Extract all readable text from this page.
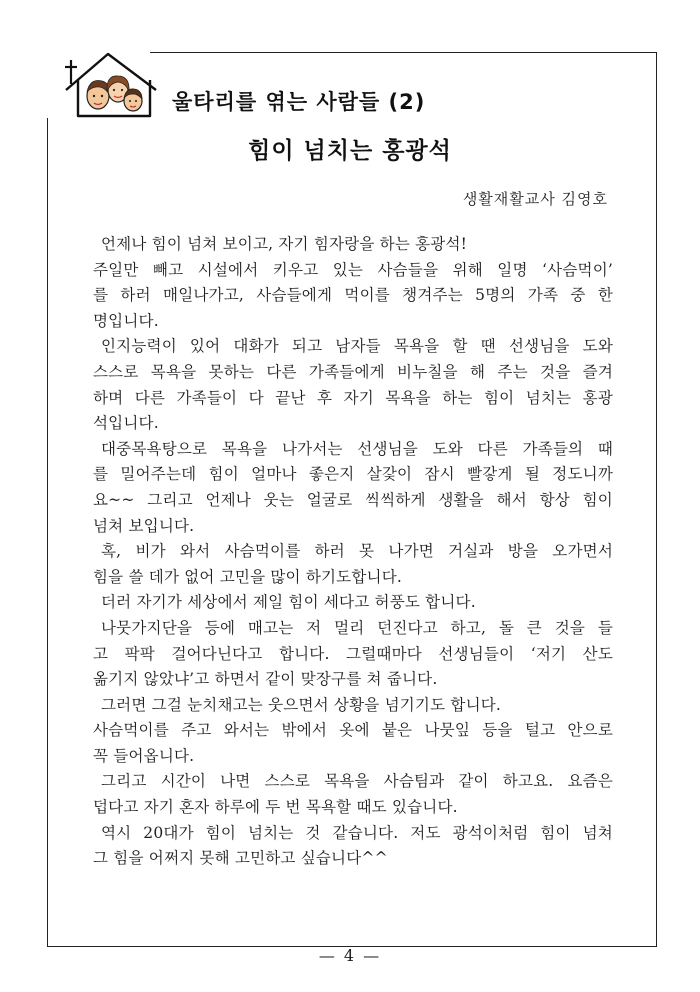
울타리를 엮는 사람들 (2)
힘이 넘치는 홍광석
생활재활교사 김영호
언제나 힘이 넘쳐 보이고, 자기 힘자랑을 하는 홍광석!
주일만 빼고 시설에서 키우고 있는 사슴들을 위해 일명 ‘사슴먹이’
를 하러 매일나가고, 사슴들에게 먹이를 챙겨주는 5명의 가족 중 한
명입니다.
인지능력이 있어 대화가 되고 남자들 목욕을 할 땐 선생님을 도와
스스로 목욕을 못하는 다른 가족들에게 비누칠을 해 주는 것을 즐겨
하며 다른 가족들이 다 끝난 후 자기 목욕을 하는 힘이 넘치는 홍광
석입니다.
대중목욕탕으로 목욕을 나가서는 선생님을 도와 다른 가족들의 때
를 밀어주는데 힘이 얼마나 좋은지 살갗이 잠시 빨갛게 될 정도니까
요~~ 그리고 언제나 웃는 얼굴로 씩씩하게 생활을 해서 항상 힘이
넘쳐 보입니다.
혹, 비가 와서 사슴먹이를 하러 못 나가면 거실과 방을 오가면서
힘을 쓸 데가 없어 고민을 많이 하기도합니다.
더러 자기가 세상에서 제일 힘이 세다고 허풍도 합니다.
나뭇가지단을 등에 매고는 저 멀리 던진다고 하고, 돌 큰 것을 들
고 팍팍 걸어다닌다고 합니다. 그럴때마다 선생님들이 ‘저기 산도
옮기지 않았냐’고 하면서 같이 맞장구를 쳐 줍니다.
그러면 그걸 눈치채고는 웃으면서 상황을 넘기기도 합니다.
사슴먹이를 주고 와서는 밖에서 옷에 붙은 나뭇잎 등을 털고 안으로
꼭 들어옵니다.
그리고 시간이 나면 스스로 목욕을 사슴팀과 같이 하고요. 요즘은
덥다고 자기 혼자 하루에 두 번 목욕할 때도 있습니다.
역시 20대가 힘이 넘치는 것 같습니다. 저도 광석이처럼 힘이 넘쳐
그 힘을 어쩌지 못해 고민하고 싶습니다^^
— 4 —
